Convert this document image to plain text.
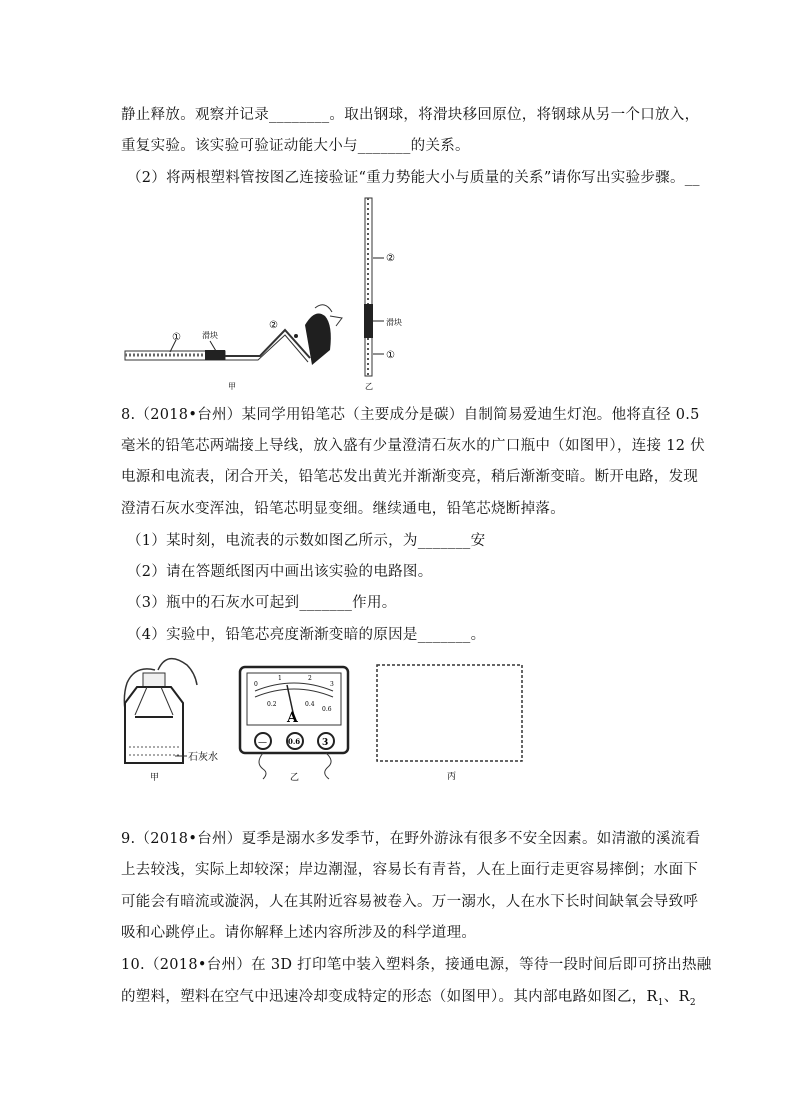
静止释放。观察并记录________。取出钢球，将滑块移回原位，将钢球从另一个口放入，
重复实验。该实验可验证动能大小与_______的关系。
（2）将两根塑料管按图乙连接验证“重力势能大小与质量的关系”请你写出实验步骤。__
①	滑块
②
甲
②
滑块
①
乙
8.（2018•台州）某同学用铅笔芯（主要成分是碳）自制简易爱迪生灯泡。他将直径 0.5
毫米的铅笔芯两端接上导线，放入盛有少量澄清石灰水的广口瓶中（如图甲），连接 12 伏
电源和电流表，闭合开关，铅笔芯发出黄光并渐渐变亮，稍后渐渐变暗。断开电路，发现
澄清石灰水变浑浊，铅笔芯明显变细。继续通电，铅笔芯烧断掉落。
（1）某时刻，电流表的示数如图乙所示，为_______安
（2）请在答题纸图丙中画出该实验的电路图。
（3）瓶中的石灰水可起到_______作用。
（4）实验中，铅笔芯亮度渐渐变暗的原因是_______。
石灰水
甲
0
1	2
3
0.2	0.4
0.6
A
—	0.6 3
乙	丙
9.（2018•台州）夏季是溺水多发季节，在野外游泳有很多不安全因素。如清澈的溪流看
上去较浅，实际上却较深；岸边潮湿，容易长有青苔，人在上面行走更容易摔倒；水面下
可能会有暗流或漩涡，人在其附近容易被卷入。万一溺水，人在水下长时间缺氧会导致呼
吸和心跳停止。请你解释上述内容所涉及的科学道理。
10.（2018•台州）在 3D 打印笔中装入塑料条，接通电源，等待一段时间后即可挤出热融
的塑料，塑料在空气中迅速冷却变成特定的形态（如图甲）。其内部电路如图乙，$R_1$、$R_2$
